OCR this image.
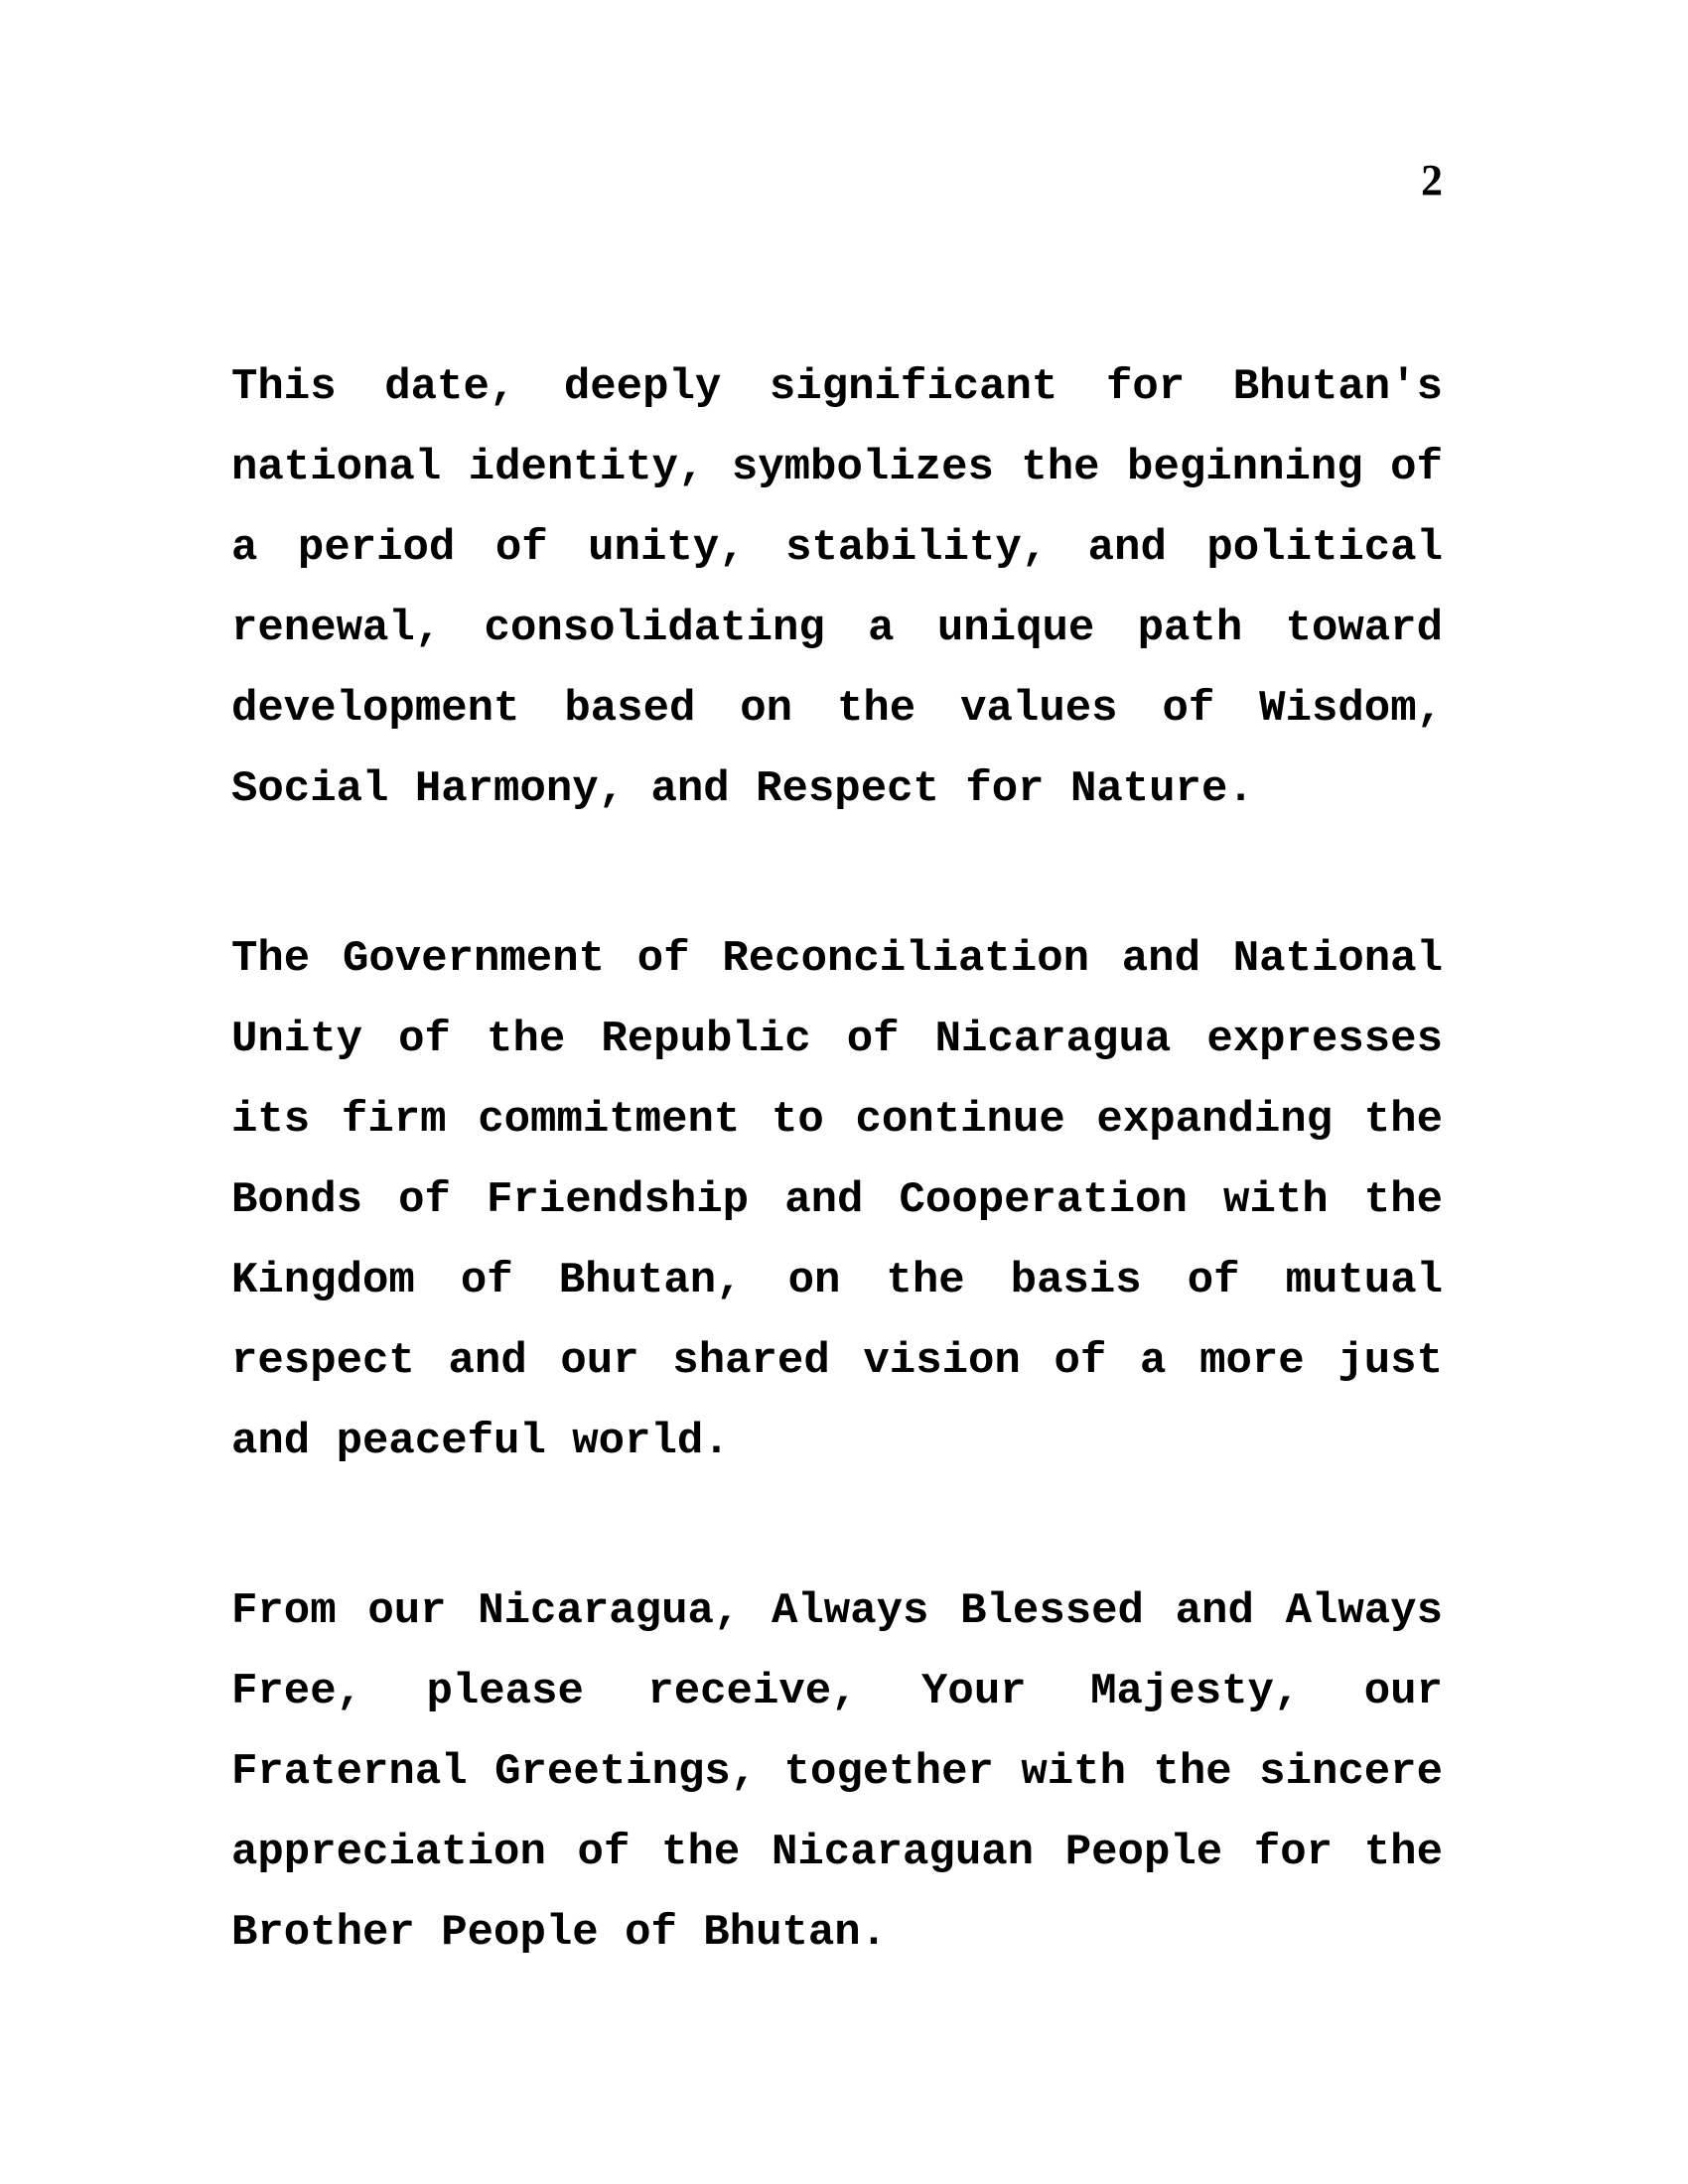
2

This date, deeply significant for Bhutan's national identity, symbolizes the beginning of a period of unity, stability, and political renewal, consolidating a unique path toward development based on the values of Wisdom, Social Harmony, and Respect for Nature.

The Government of Reconciliation and National Unity of the Republic of Nicaragua expresses its firm commitment to continue expanding the Bonds of Friendship and Cooperation with the Kingdom of Bhutan, on the basis of mutual respect and our shared vision of a more just and peaceful world.

From our Nicaragua, Always Blessed and Always Free, please receive, Your Majesty, our Fraternal Greetings, together with the sincere appreciation of the Nicaraguan People for the Brother People of Bhutan.
